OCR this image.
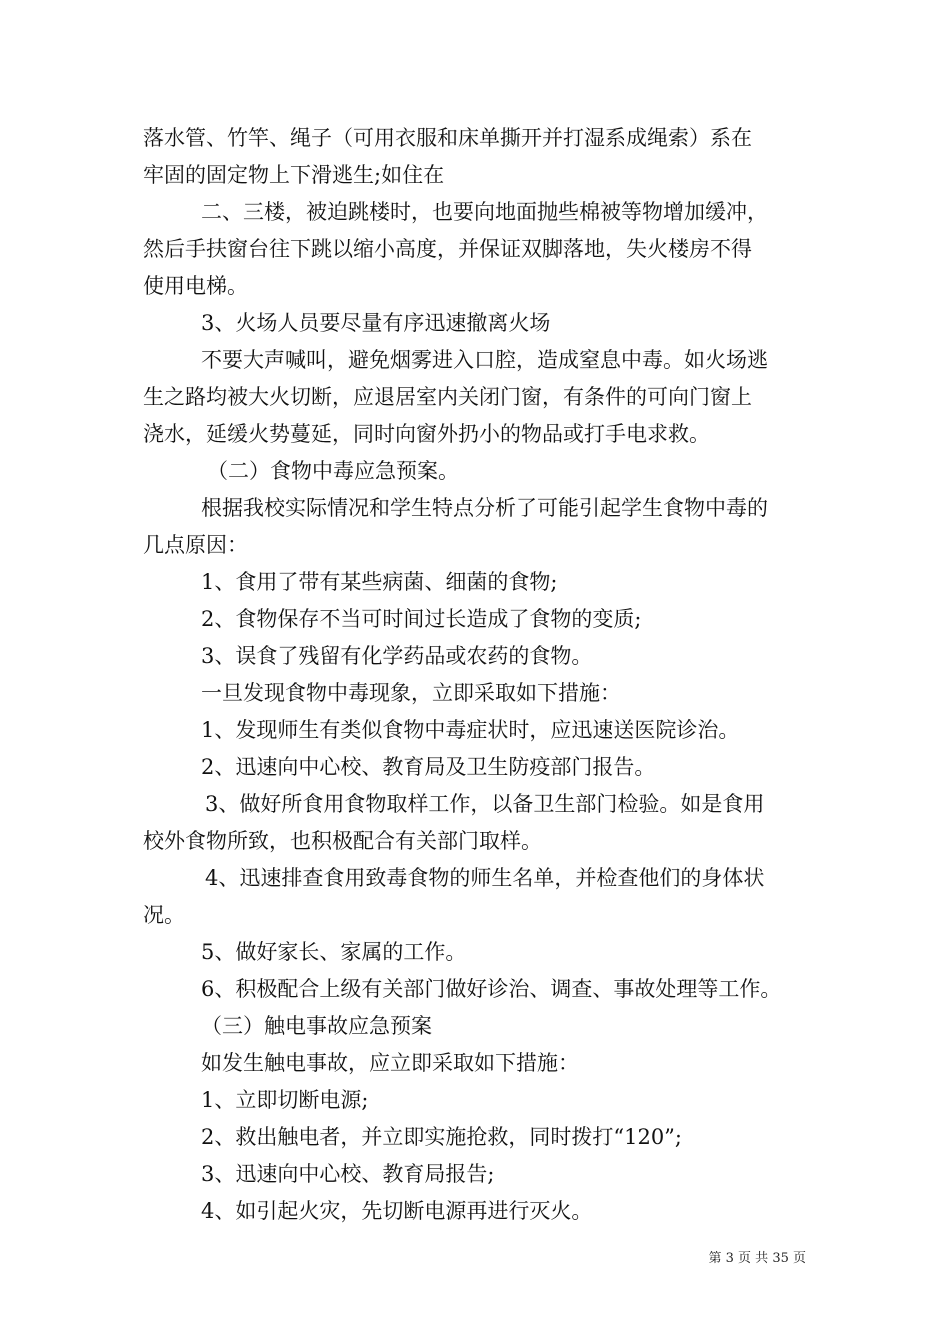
落水管、竹竿、绳子（可用衣服和床单撕开并打湿系成绳索）系在
牢固的固定物上下滑逃生;如住在
二、三楼，被迫跳楼时，也要向地面抛些棉被等物增加缓冲，
然后手扶窗台往下跳以缩小高度，并保证双脚落地，失火楼房不得
使用电梯。
3、火场人员要尽量有序迅速撤离火场
不要大声喊叫，避免烟雾进入口腔，造成窒息中毒。如火场逃
生之路均被大火切断，应退居室内关闭门窗，有条件的可向门窗上
浇水，延缓火势蔓延，同时向窗外扔小的物品或打手电求救。
（二）食物中毒应急预案。
根据我校实际情况和学生特点分析了可能引起学生食物中毒的
几点原因：
1、食用了带有某些病菌、细菌的食物;
2、食物保存不当可时间过长造成了食物的变质;
3、误食了残留有化学药品或农药的食物。
一旦发现食物中毒现象，立即采取如下措施：
1、发现师生有类似食物中毒症状时，应迅速送医院诊治。
2、迅速向中心校、教育局及卫生防疫部门报告。
3、做好所食用食物取样工作，以备卫生部门检验。如是食用
校外食物所致，也积极配合有关部门取样。
4、迅速排查食用致毒食物的师生名单，并检查他们的身体状
况。
5、做好家长、家属的工作。
6、积极配合上级有关部门做好诊治、调查、事故处理等工作。
（三）触电事故应急预案
如发生触电事故，应立即采取如下措施：
1、立即切断电源;
2、救出触电者，并立即实施抢救，同时拨打“120”;
3、迅速向中心校、教育局报告;
4、如引起火灾，先切断电源再进行灭火。
第 3 页 共 35 页
